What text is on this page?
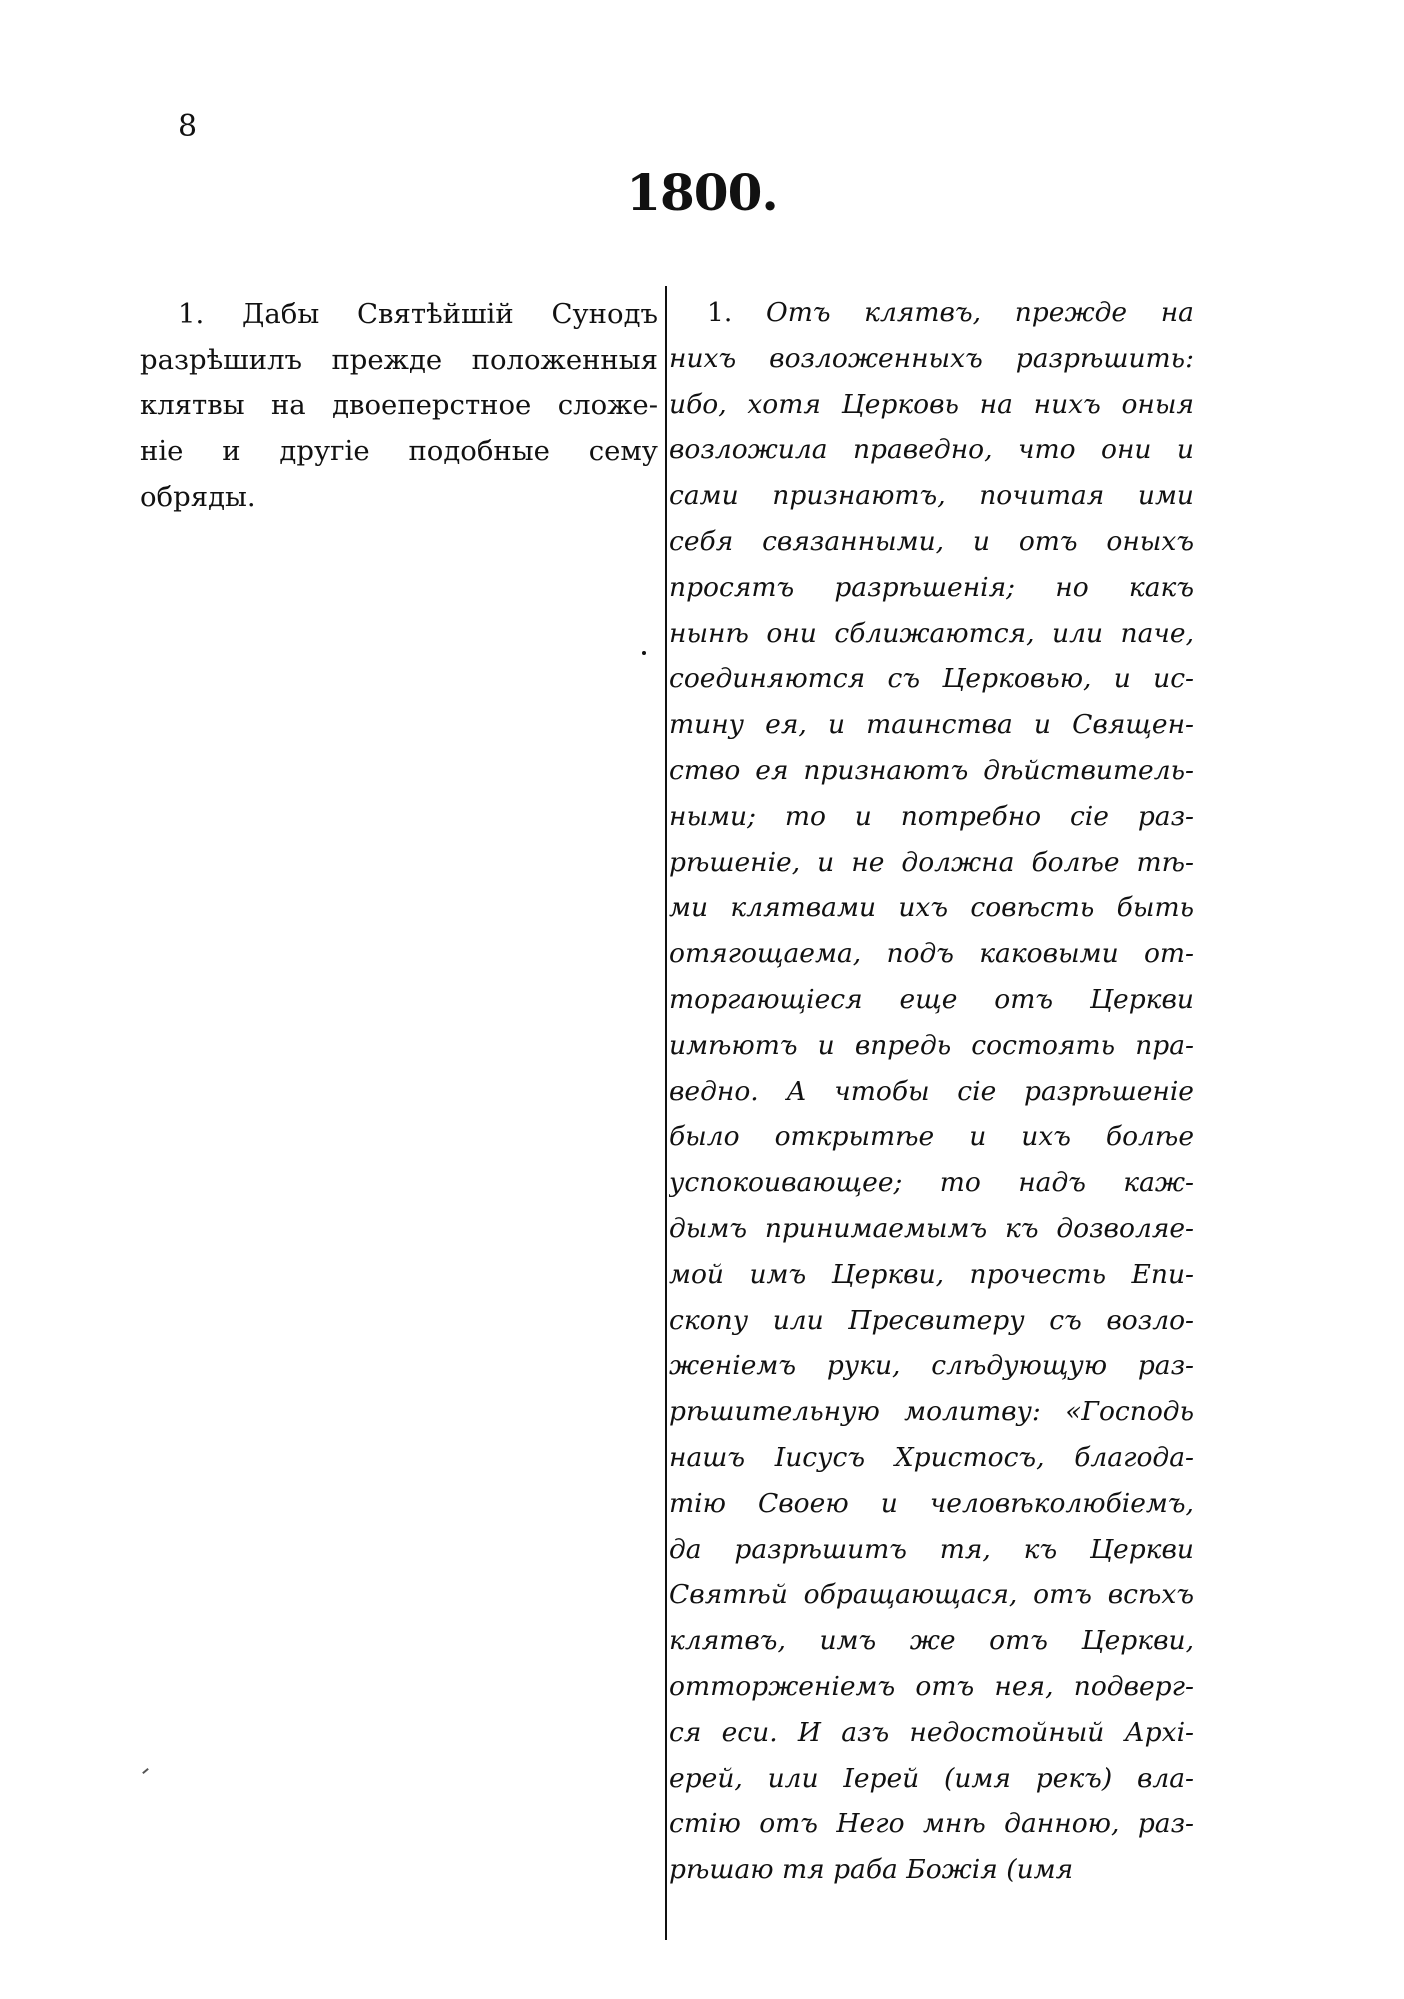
8
1800.
1. Дабы Святѣйшій Сунодъ
разрѣшилъ прежде положенныя
клятвы на двоеперстное сложе-
ніе и другіе подобные сему
обряды.
1. Отъ клятвъ, прежде на
нихъ возложенныхъ разрѣшить:
ибо, хотя Церковь на нихъ оныя
возложила праведно, что они и
сами признаютъ, почитая ими
себя связанными, и отъ оныхъ
просятъ разрѣшенія; но какъ
нынѣ они сближаются, или паче,
соединяются съ Церковью, и ис-
тину ея, и таинства и Священ-
ство ея признаютъ дѣйствитель-
ными; то и потребно сіе раз-
рѣшеніе, и не должна болѣе тѣ-
ми клятвами ихъ совѣсть быть
отягощаема, подъ каковыми от-
торгающіеся еще отъ Церкви
имѣютъ и впредь состоять пра-
ведно. А чтобы сіе разрѣшеніе
было открытѣе и ихъ болѣе
успокоивающее; то надъ каж-
дымъ принимаемымъ къ дозволяе-
мой имъ Церкви, прочесть Епи-
скопу или Пресвитеру съ возло-
женіемъ руки, слѣдующую раз-
рѣшительную молитву: «Господь
нашъ Іисусъ Христосъ, благода-
тію Своею и человѣколюбіемъ,
да разрѣшитъ тя, къ Церкви
Святѣй обращающася, отъ всѣхъ
клятвъ, имъ же отъ Церкви,
отторженіемъ отъ нея, подверг-
ся еси. И азъ недостойный Архі-
ерей, или Іерей (имя рекъ) вла-
стію отъ Него мнѣ данною, раз-
рѣшаю тя раба Божія (имя
